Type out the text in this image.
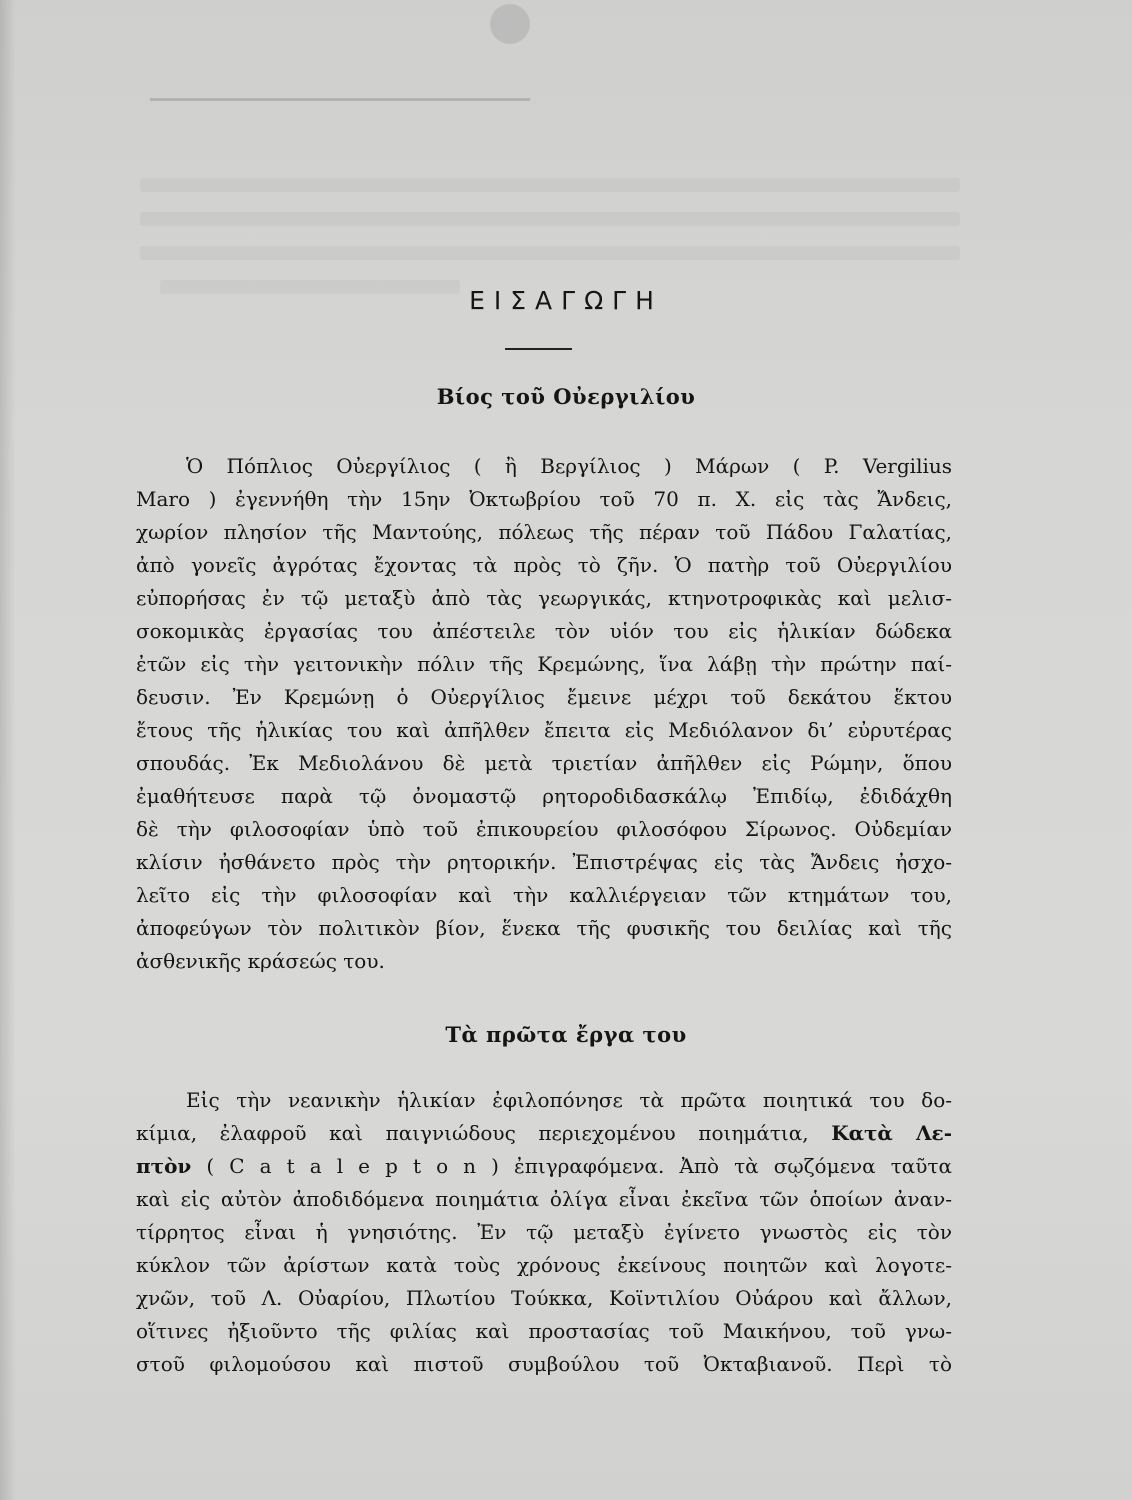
ΕΙΣΑΓΩΓΗ
Βίος τοῦ Οὐεργιλίου
Ὁ Πόπλιος Οὐεργίλιος ( ἢ Βεργίλιος ) Μάρων ( P. Vergilius
Maro ) ἐγεννήθη τὴν 15ην Ὀκτωβρίου τοῦ 70 π. Χ. εἰς τὰς Ἄνδεις,
χωρίον πλησίον τῆς Μαντούης, πόλεως τῆς πέραν τοῦ Πάδου Γαλατίας,
ἀπὸ γονεῖς ἀγρότας ἔχοντας τὰ πρὸς τὸ ζῆν. Ὁ πατὴρ τοῦ Οὐεργιλίου
εὐπορήσας ἐν τῷ μεταξὺ ἀπὸ τὰς γεωργικάς, κτηνοτροφικὰς καὶ μελισ-
σοκομικὰς ἐργασίας του ἀπέστειλε τὸν υἱόν του εἰς ἡλικίαν δώδεκα
ἐτῶν εἰς τὴν γειτονικὴν πόλιν τῆς Κρεμώνης, ἵνα λάβῃ τὴν πρώτην παί-
δευσιν. Ἐν Κρεμώνῃ ὁ Οὐεργίλιος ἔμεινε μέχρι τοῦ δεκάτου ἕκτου
ἔτους τῆς ἡλικίας του καὶ ἀπῆλθεν ἔπειτα εἰς Μεδιόλανον δι’ εὐρυτέρας
σπουδάς. Ἐκ Μεδιολάνου δὲ μετὰ τριετίαν ἀπῆλθεν εἰς Ρώμην, ὅπου
ἐμαθήτευσε παρὰ τῷ ὀνομαστῷ ρητοροδιδασκάλῳ Ἐπιδίῳ, ἐδιδάχθη
δὲ τὴν φιλοσοφίαν ὑπὸ τοῦ ἐπικουρείου φιλοσόφου Σίρωνος. Οὐδεμίαν
κλίσιν ἠσθάνετο πρὸς τὴν ρητορικήν. Ἐπιστρέψας εἰς τὰς Ἄνδεις ἠσχο-
λεῖτο εἰς τὴν φιλοσοφίαν καὶ τὴν καλλιέργειαν τῶν κτημάτων του,
ἀποφεύγων τὸν πολιτικὸν βίον, ἕνεκα τῆς φυσικῆς του δειλίας καὶ τῆς
ἀσθενικῆς κράσεώς του.
Τὰ πρῶτα ἔργα του
Εἰς τὴν νεανικὴν ἡλικίαν ἐφιλοπόνησε τὰ πρῶτα ποιητικά του δο-
κίμια, ἐλαφροῦ καὶ παιγνιώδους περιεχομένου ποιημάτια, Κατὰ Λε-
πτὸν ( C a t a l e p t o n ) ἐπιγραφόμενα. Ἀπὸ τὰ σῳζόμενα ταῦτα
καὶ εἰς αὐτὸν ἀποδιδόμενα ποιημάτια ὀλίγα εἶναι ἐκεῖνα τῶν ὁποίων ἀναν-
τίρρητος εἶναι ἡ γνησιότης. Ἐν τῷ μεταξὺ ἐγίνετο γνωστὸς εἰς τὸν
κύκλον τῶν ἀρίστων κατὰ τοὺς χρόνους ἐκείνους ποιητῶν καὶ λογοτε-
χνῶν, τοῦ Λ. Οὐαρίου, Πλωτίου Τούκκα, Κοϊντιλίου Οὐάρου καὶ ἄλλων,
οἵτινες ἠξιοῦντο τῆς φιλίας καὶ προστασίας τοῦ Μαικήνου, τοῦ γνω-
στοῦ φιλομούσου καὶ πιστοῦ συμβούλου τοῦ Ὀκταβιανοῦ. Περὶ τὸ
